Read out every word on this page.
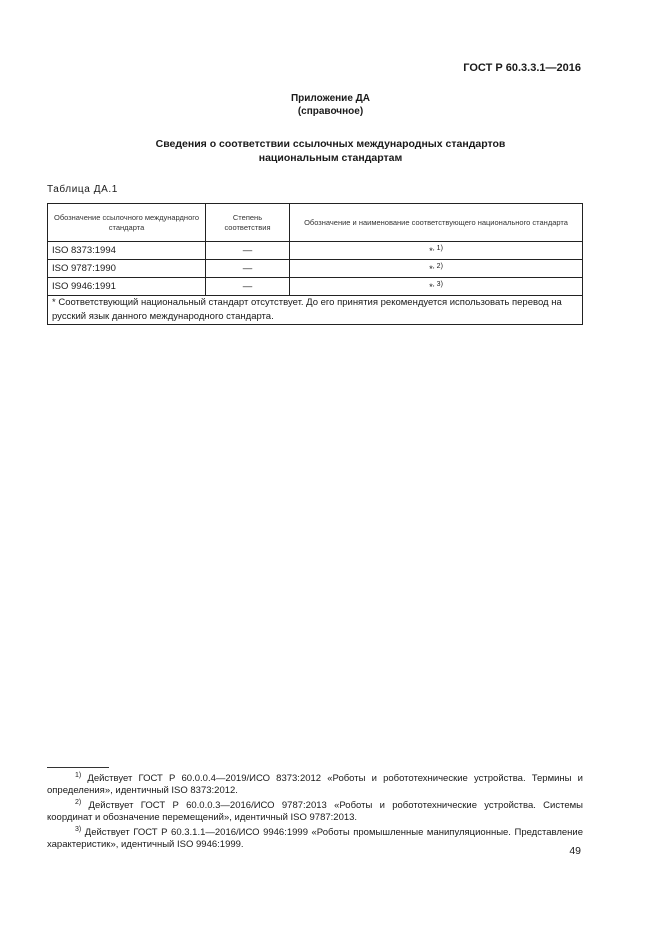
ГОСТ Р 60.3.3.1—2016
Приложение ДА
(справочное)
Сведения о соответствии ссылочных международных стандартов
национальным стандартам
Таблица ДА.1
Обозначение ссылочного междунардного стандарта	Степень соответствия	Обозначение и наименование соответствующего национального стандарта
ISO 8373:1994	—	*$^{, 1)}$
ISO 9787:1990	—	*$^{, 2)}$
ISO 9946:1991	—	*$^{, 3)}$
* Соответствующий национальный стандарт отсутствует. До его принятия рекомендуется использовать перевод на русский язык данного международного стандарта.		

$^{1)}$ Действует ГОСТ Р 60.0.0.4—2019/ИСО 8373:2012 «Роботы и робототехнические устройства. Термины и определения», идентичный ISO 8373:2012.

$^{2)}$ Действует ГОСТ Р 60.0.0.3—2016/ИСО 9787:2013 «Роботы и робототехнические устройства. Системы координат и обозначение перемещений», идентичный ISO 9787:2013.

$^{3)}$ Действует ГОСТ Р 60.3.1.1—2016/ИСО 9946:1999 «Роботы промышленные манипуляционные. Представление характеристик», идентичный ISO 9946:1999.

49
